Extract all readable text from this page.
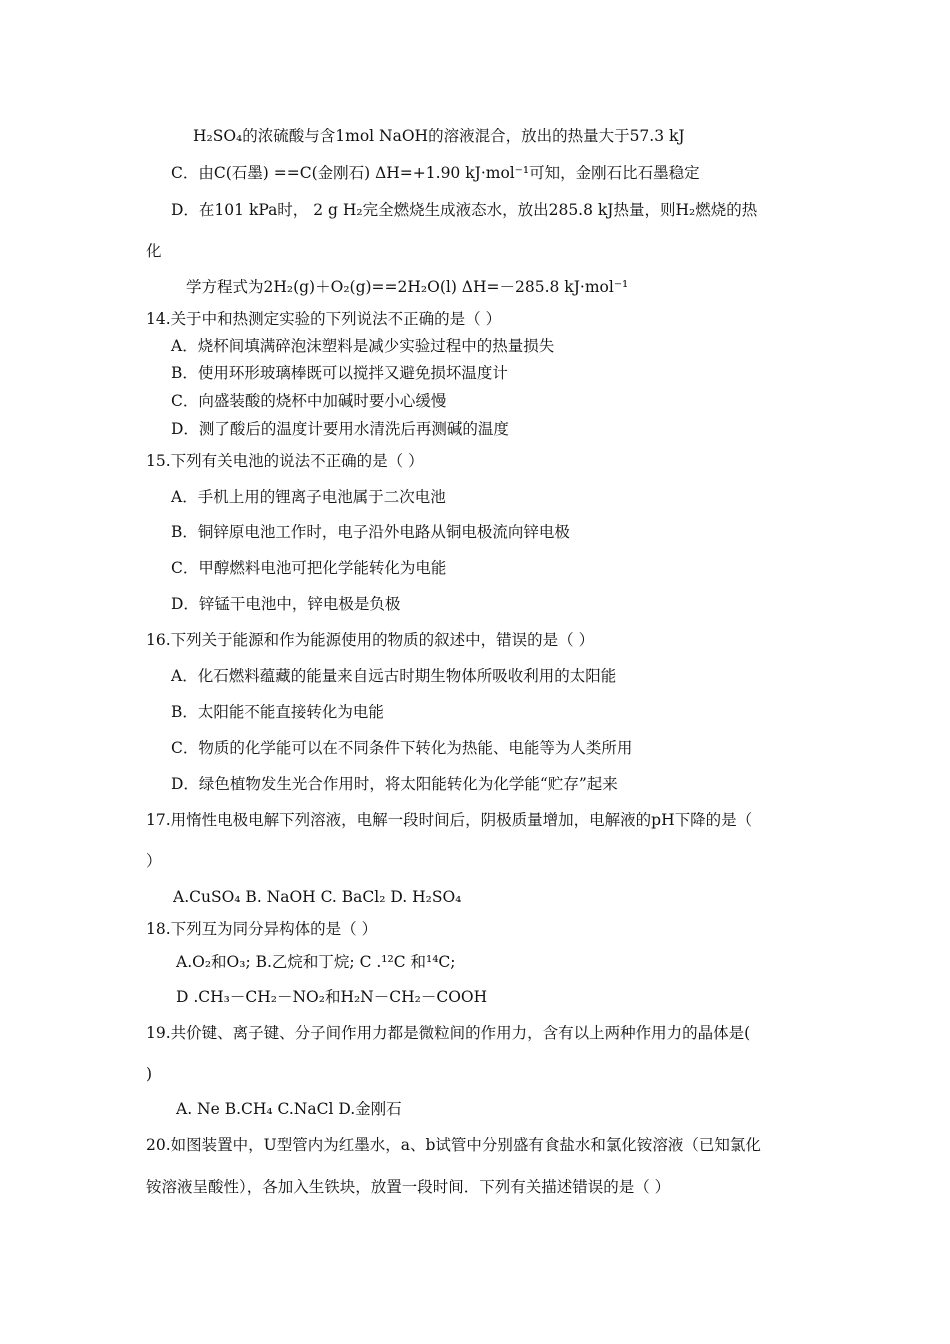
H₂SO₄的浓硫酸与含1mol NaOH的溶液混合，放出的热量大于57.3 kJ
C．由C(石墨) ==C(金刚石) ΔH=+1.90 kJ·mol⁻¹可知，金刚石比石墨稳定
D．在101 kPa时， 2 g H₂完全燃烧生成液态水，放出285.8 kJ热量，则H₂燃烧的热
化
学方程式为2H₂(g)＋O₂(g)==2H₂O(l) ΔH=－285.8 kJ·mol⁻¹
14.关于中和热测定实验的下列说法不正确的是（ ）
A．烧杯间填满碎泡沫塑料是减少实验过程中的热量损失
B．使用环形玻璃棒既可以搅拌又避免损坏温度计
C．向盛装酸的烧杯中加碱时要小心缓慢
D．测了酸后的温度计要用水清洗后再测碱的温度
15.下列有关电池的说法不正确的是（ ）
A．手机上用的锂离子电池属于二次电池
B．铜锌原电池工作时，电子沿外电路从铜电极流向锌电极
C．甲醇燃料电池可把化学能转化为电能
D．锌锰干电池中，锌电极是负极
16.下列关于能源和作为能源使用的物质的叙述中，错误的是（ ）
A．化石燃料蕴藏的能量来自远古时期生物体所吸收利用的太阳能
B．太阳能不能直接转化为电能
C．物质的化学能可以在不同条件下转化为热能、电能等为人类所用
D．绿色植物发生光合作用时，将太阳能转化为化学能“贮存”起来
17.用惰性电极电解下列溶液，电解一段时间后，阴极质量增加，电解液的pH下降的是（
）
A.CuSO₄ B. NaOH C. BaCl₂ D. H₂SO₄
18.下列互为同分异构体的是（ ）
A.O₂和O₃; B.乙烷和丁烷; C .¹²C 和¹⁴C;
D .CH₃－CH₂－NO₂和H₂N－CH₂－COOH
19.共价键、离子键、分子间作用力都是微粒间的作用力，含有以上两种作用力的晶体是(
)
A. Ne B.CH₄ C.NaCl D.金刚石
20.如图装置中，U型管内为红墨水，a、b试管中分别盛有食盐水和氯化铵溶液（已知氯化
铵溶液呈酸性），各加入生铁块，放置一段时间．下列有关描述错误的是（ ）
